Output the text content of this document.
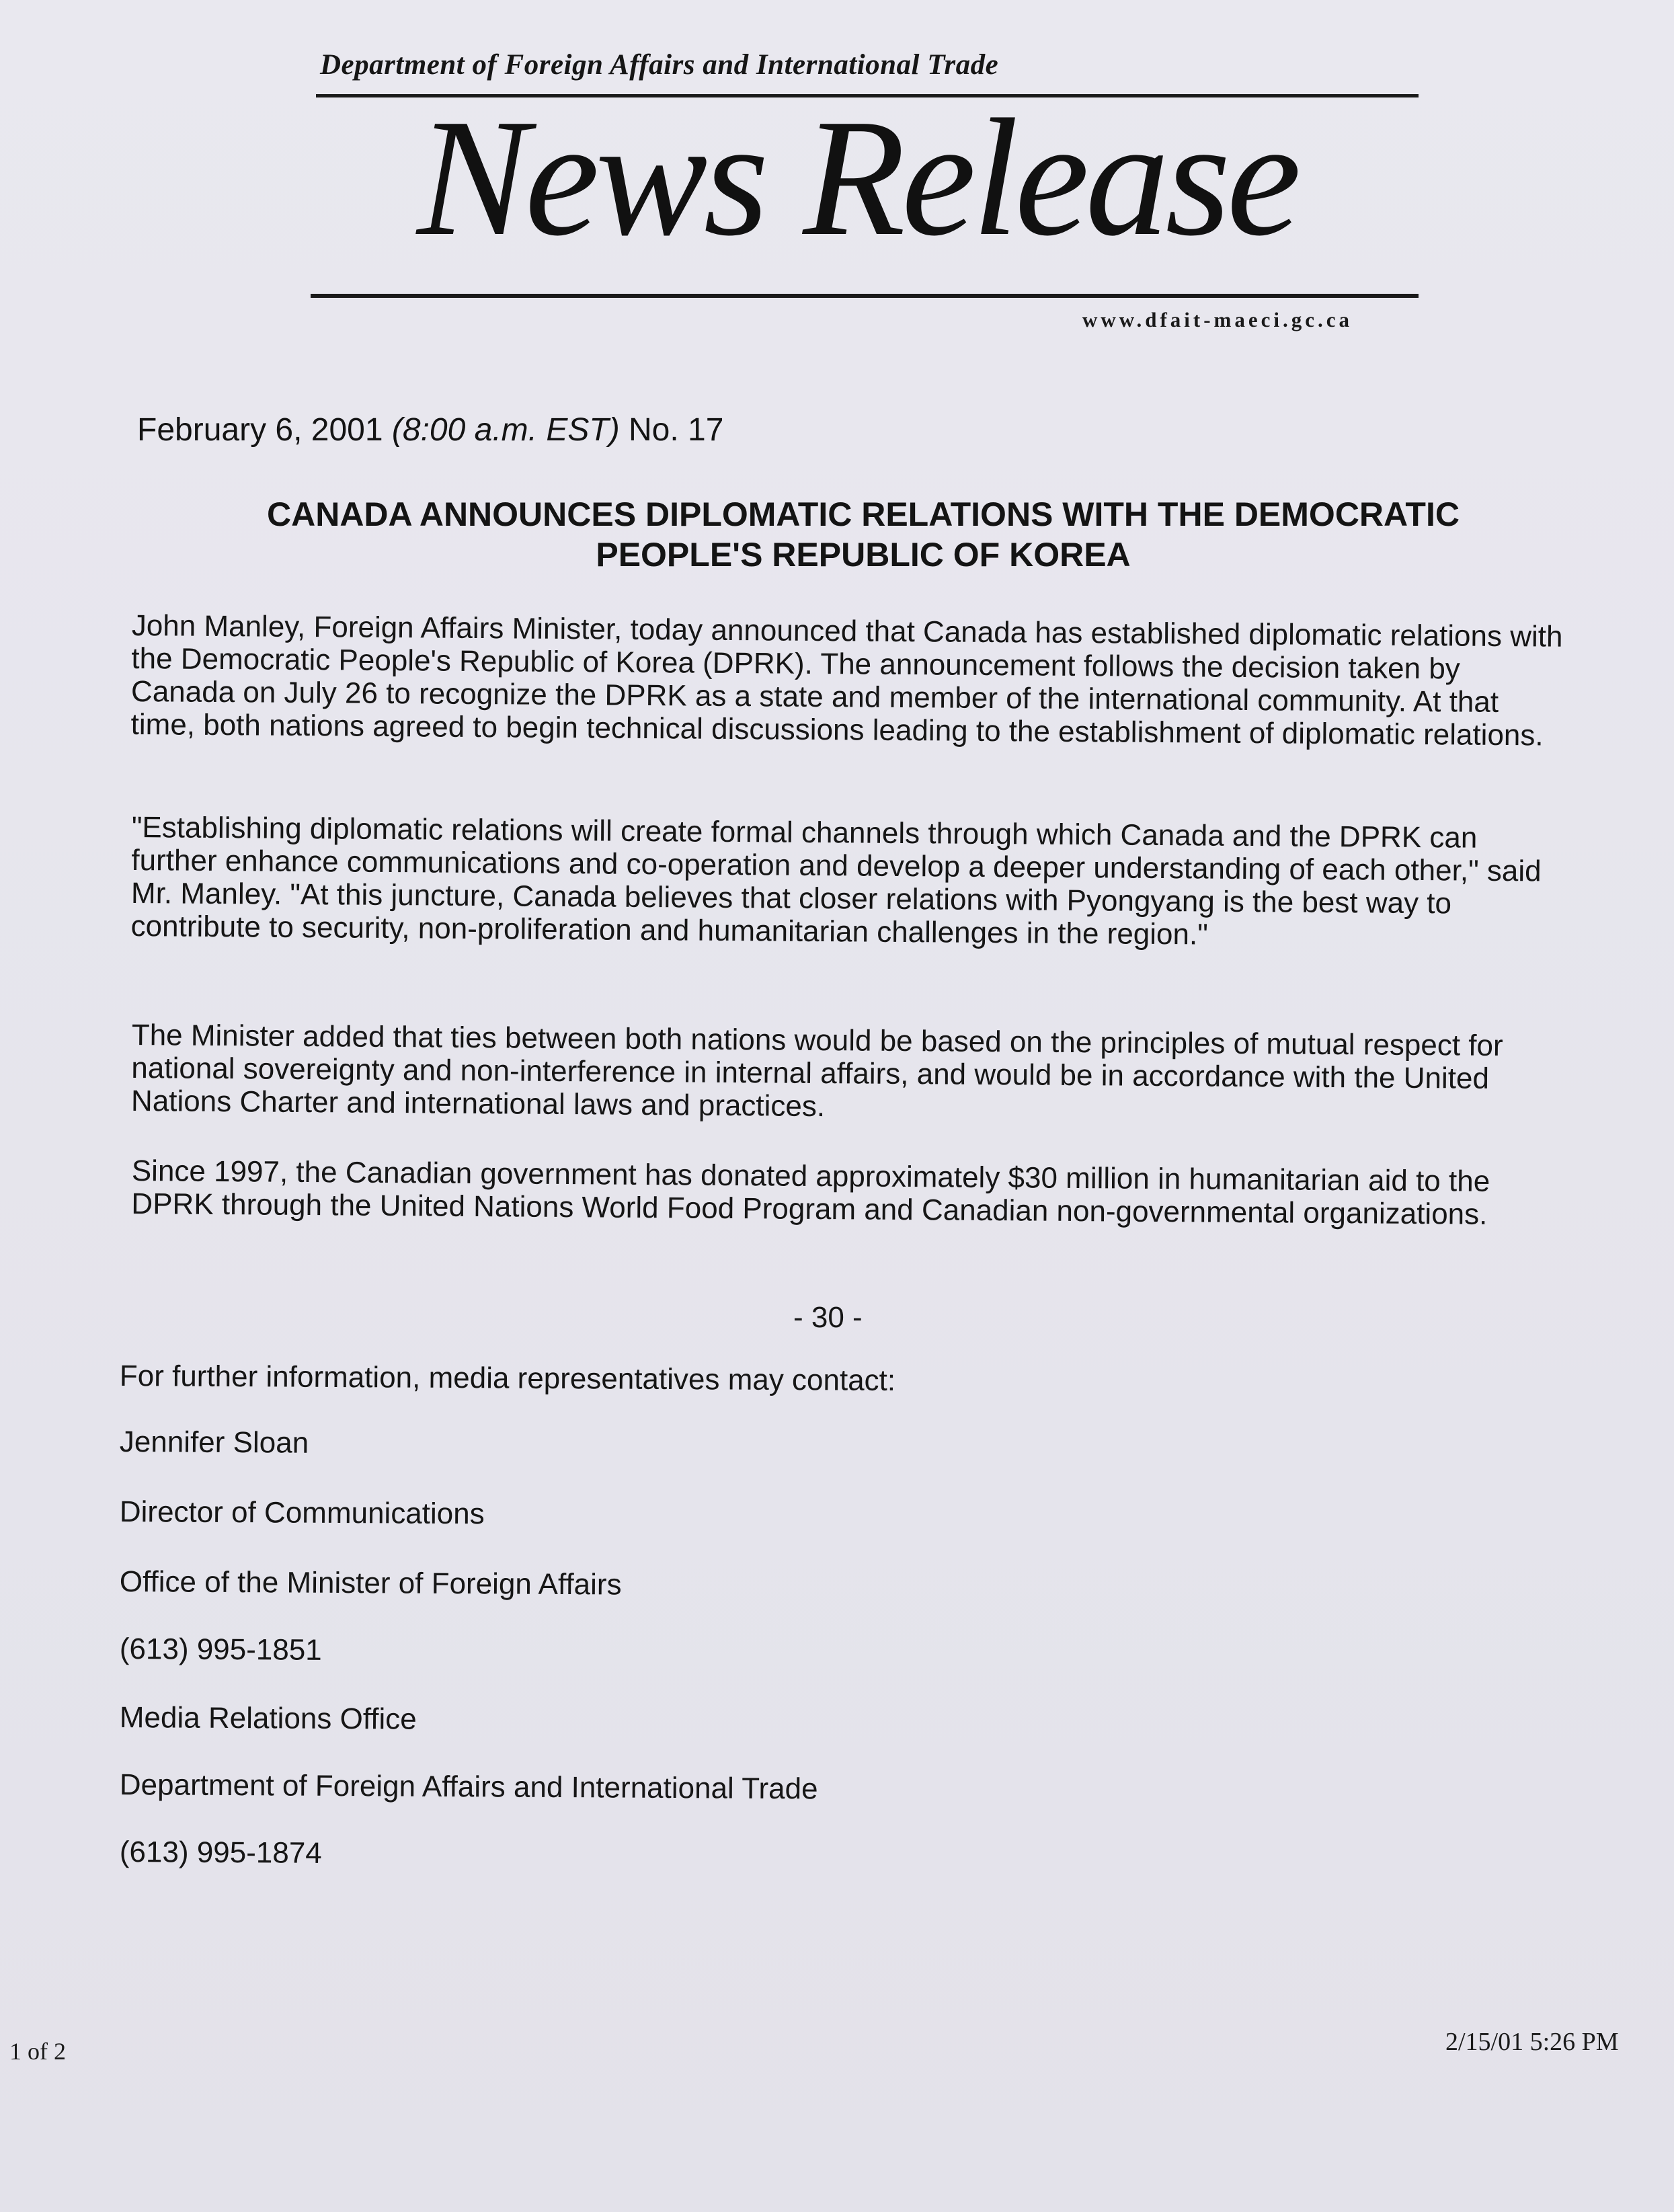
Department of Foreign Affairs and International Trade
News Release
www.dfait-maeci.gc.ca
February 6, 2001 (8:00 a.m. EST) No. 17
CANADA ANNOUNCES DIPLOMATIC RELATIONS WITH THE DEMOCRATIC
PEOPLE'S REPUBLIC OF KOREA
John Manley, Foreign Affairs Minister, today announced that Canada has established diplomatic relations with the Democratic People's Republic of Korea (DPRK). The announcement follows the decision taken by Canada on July 26 to recognize the DPRK as a state and member of the international community. At that time, both nations agreed to begin technical discussions leading to the establishment of diplomatic relations.
"Establishing diplomatic relations will create formal channels through which Canada and the DPRK can further enhance communications and co-operation and develop a deeper understanding of each other," said Mr. Manley. "At this juncture, Canada believes that closer relations with Pyongyang is the best way to contribute to security, non-proliferation and humanitarian challenges in the region."
The Minister added that ties between both nations would be based on the principles of mutual respect for national sovereignty and non-interference in internal affairs, and would be in accordance with the United Nations Charter and international laws and practices.
Since 1997, the Canadian government has donated approximately $30 million in humanitarian aid to the DPRK through the United Nations World Food Program and Canadian non-governmental organizations.
- 30 -
For further information, media representatives may contact:
Jennifer Sloan
Director of Communications
Office of the Minister of Foreign Affairs
(613) 995-1851
Media Relations Office
Department of Foreign Affairs and International Trade
(613) 995-1874
1 of 2	2/15/01 5:26 PM
